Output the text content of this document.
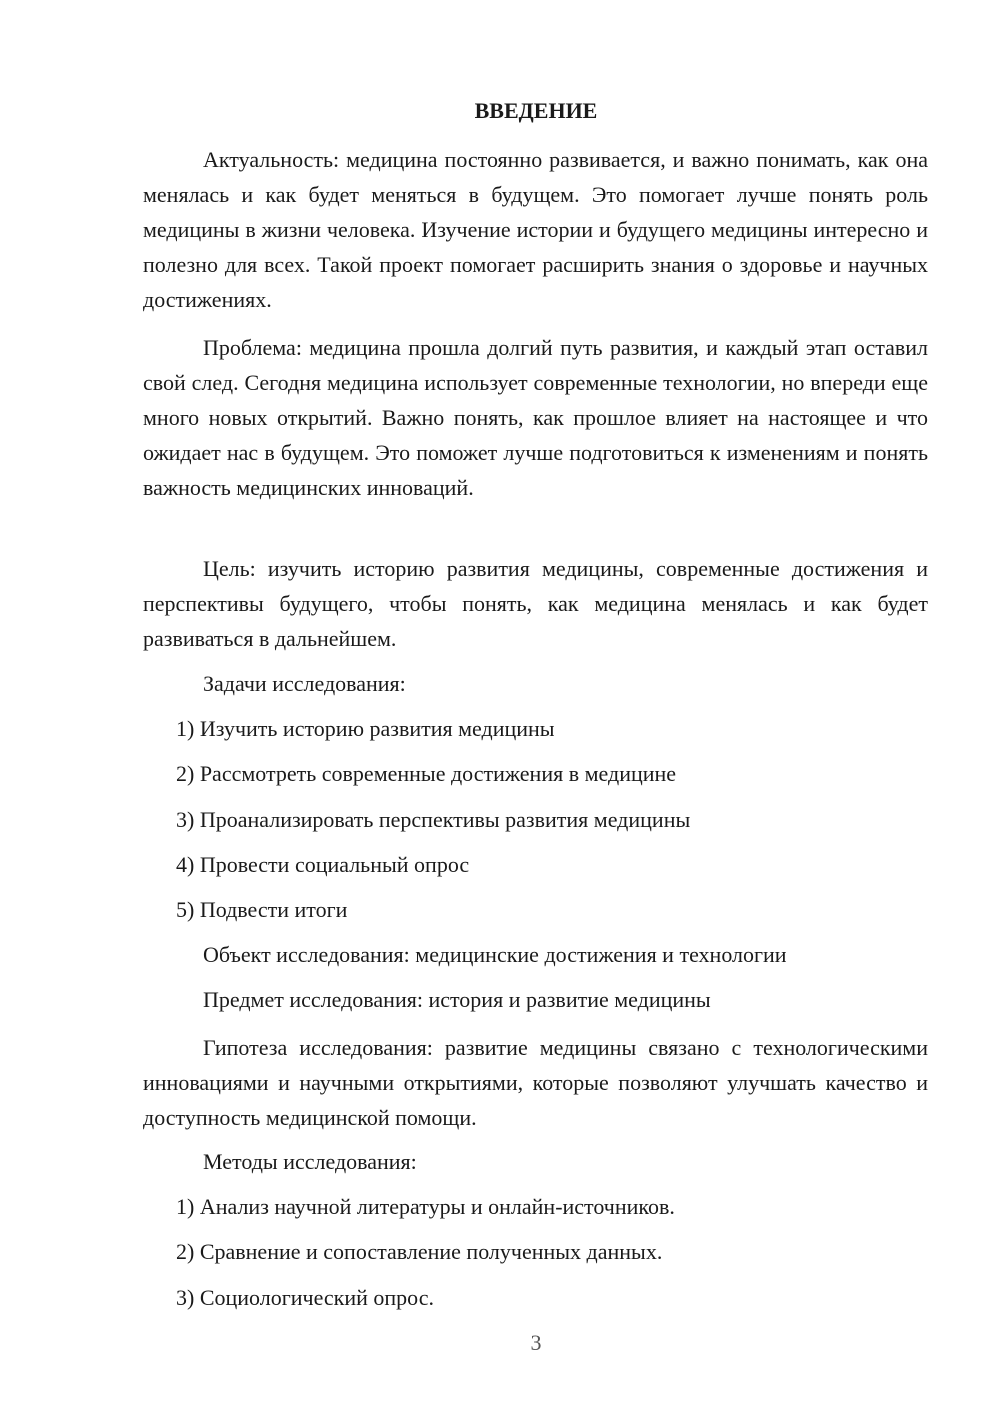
ВВЕДЕНИЕ

Актуальность: медицина постоянно развивается, и важно понимать, как она менялась и как будет меняться в будущем. Это помогает лучше понять роль медицины в жизни человека. Изучение истории и будущего медицины интересно и полезно для всех. Такой проект помогает расширить знания о здоровье и научных достижениях.

Проблема: медицина прошла долгий путь развития, и каждый этап оставил свой след. Сегодня медицина использует современные технологии, но впереди еще много новых открытий. Важно понять, как прошлое влияет на настоящее и что ожидает нас в будущем. Это поможет лучше подготовиться к изменениям и понять важность медицинских инноваций.

Цель: изучить историю развития медицины, современные достижения и перспективы будущего, чтобы понять, как медицина менялась и как будет развиваться в дальнейшем.

Задачи исследования:
1) Изучить историю развития медицины
2) Рассмотреть современные достижения в медицине
3) Проанализировать перспективы развития медицины
4) Провести социальный опрос
5) Подвести итоги
Объект исследования: медицинские достижения и технологии
Предмет исследования: история и развитие медицины

Гипотеза исследования: развитие медицины связано с технологическими инновациями и научными открытиями, которые позволяют улучшать качество и доступность медицинской помощи.

Методы исследования:
1) Анализ научной литературы и онлайн-источников.
2) Сравнение и сопоставление полученных данных.
3) Социологический опрос.
3
